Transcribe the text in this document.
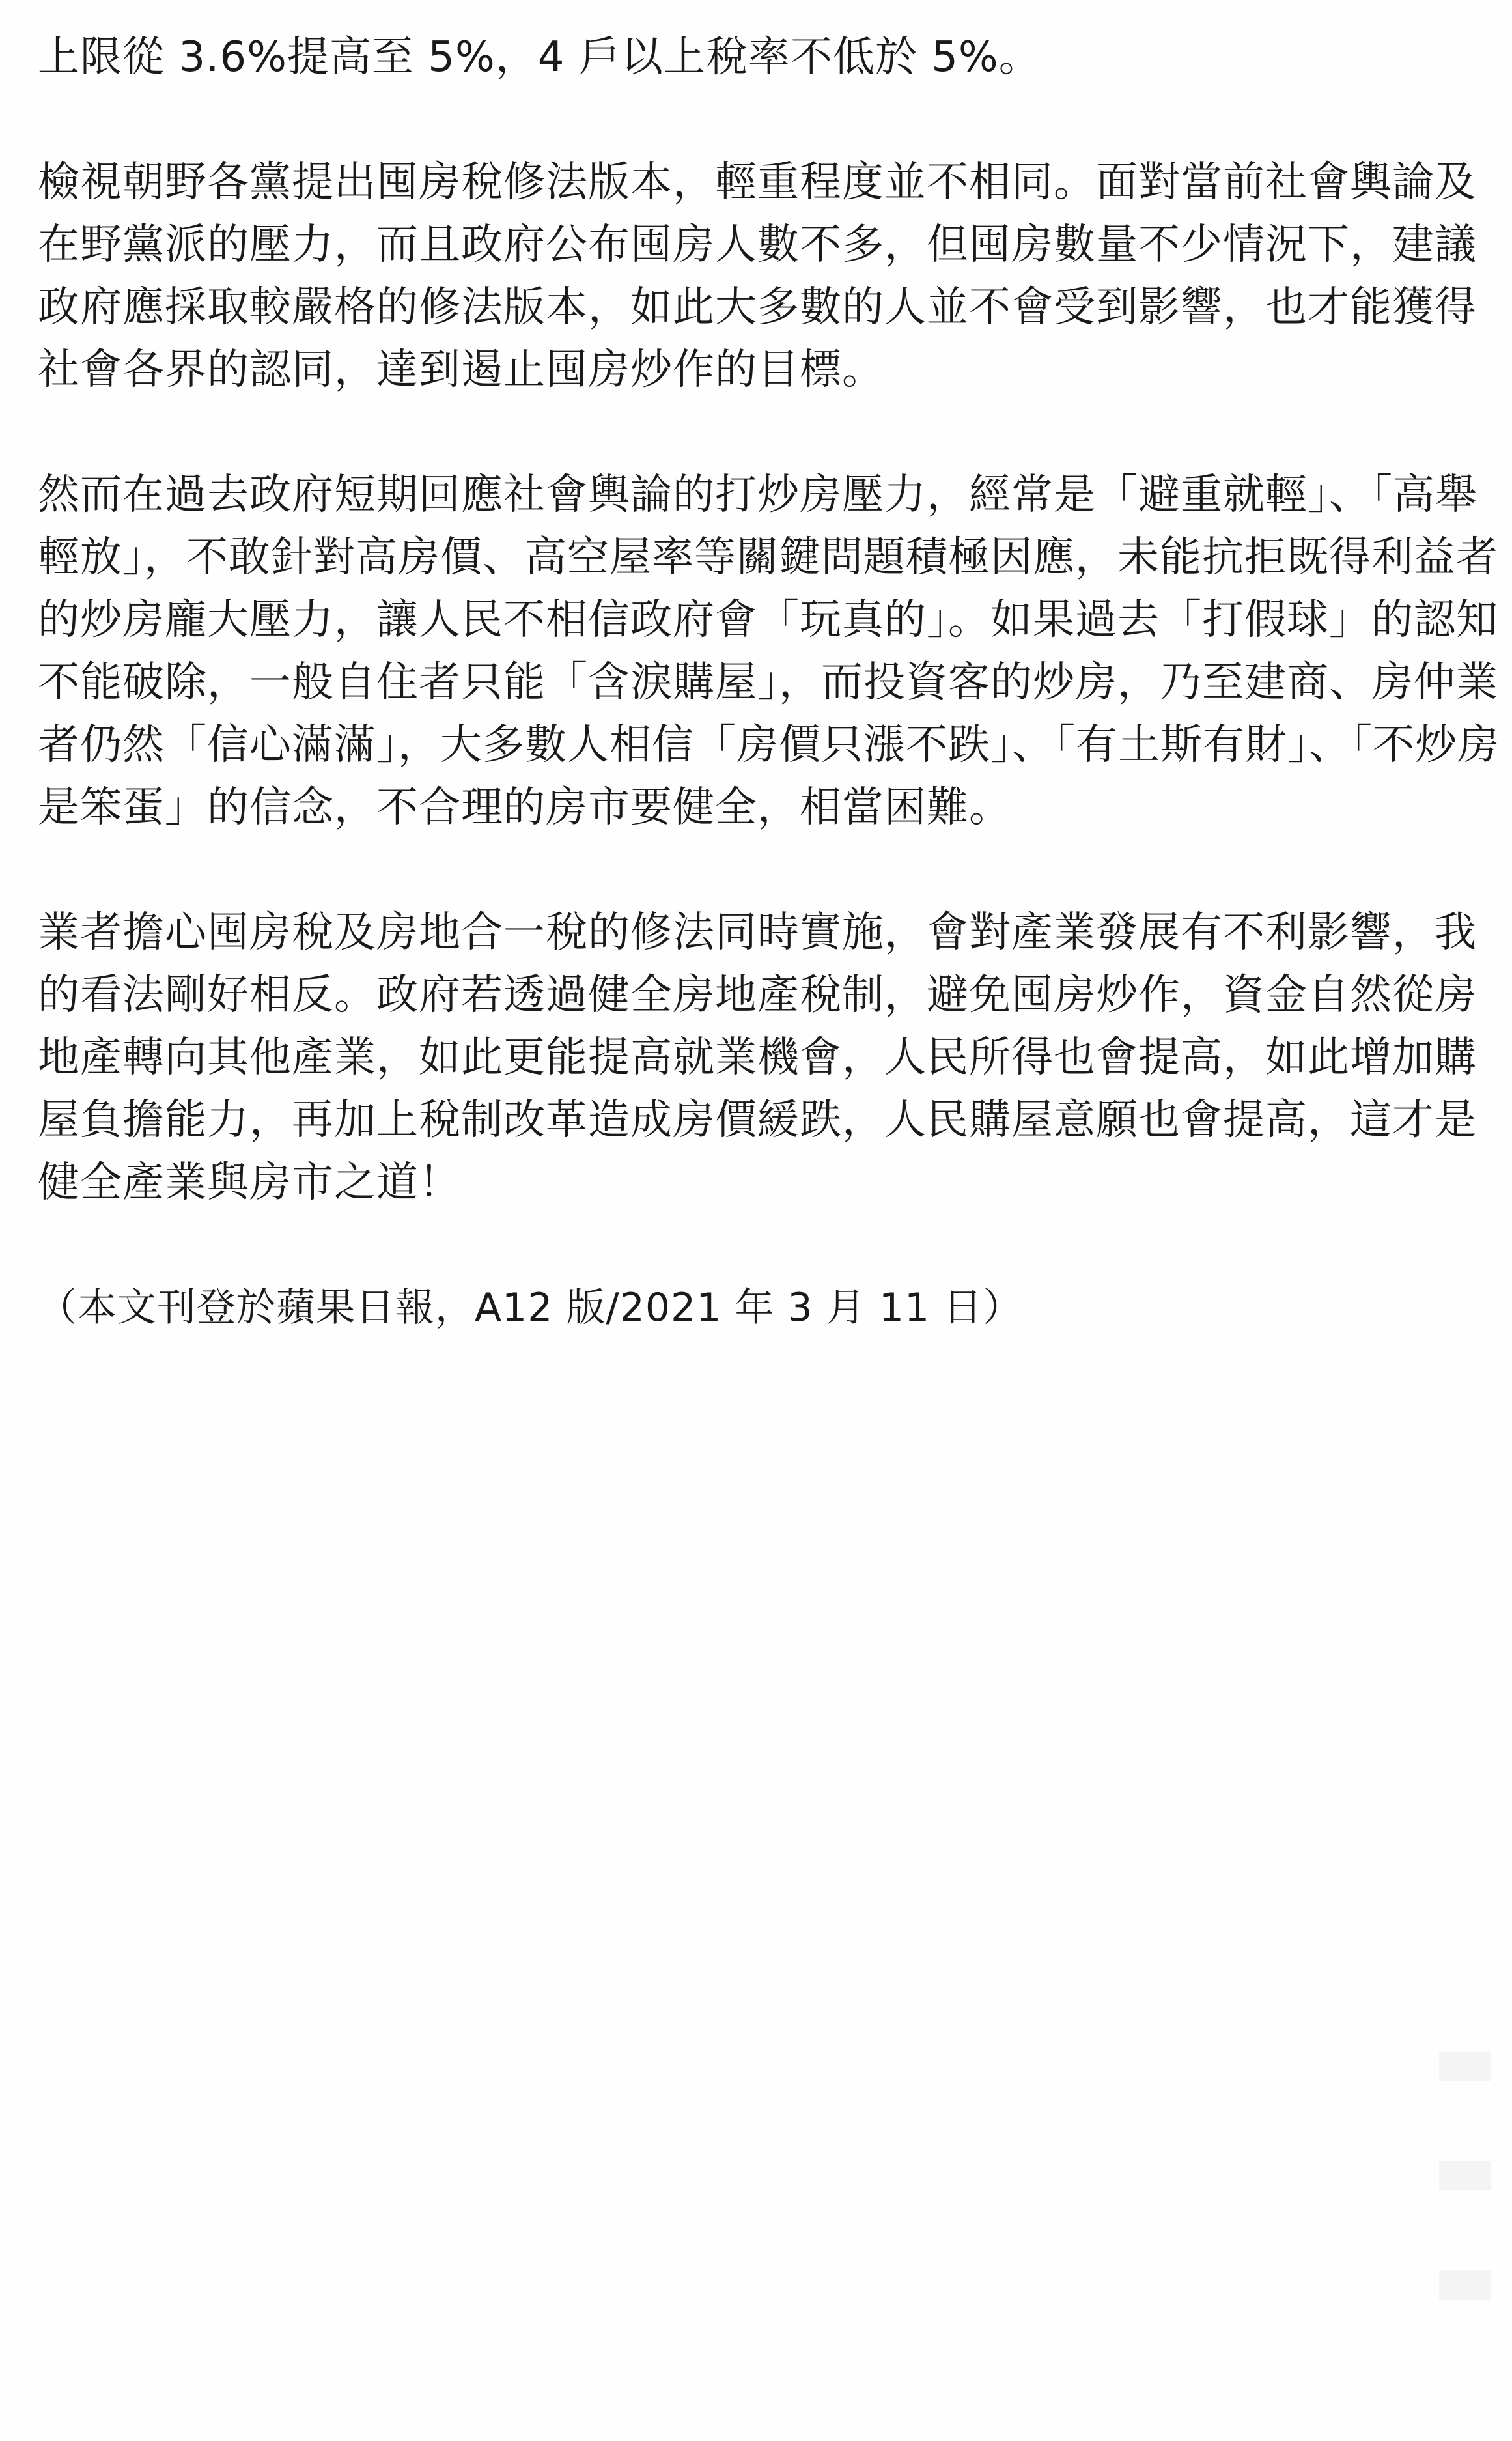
上限從 3.6%提高至 5%，4 戶以上稅率不低於 5%。

檢視朝野各黨提出囤房稅修法版本，輕重程度並不相同。面對當前社會輿論及
在野黨派的壓力，而且政府公布囤房人數不多，但囤房數量不少情況下，建議
政府應採取較嚴格的修法版本，如此大多數的人並不會受到影響，也才能獲得
社會各界的認同，達到遏止囤房炒作的目標。

然而在過去政府短期回應社會輿論的打炒房壓力，經常是「避重就輕」、「高舉
輕放」，不敢針對高房價、高空屋率等關鍵問題積極因應，未能抗拒既得利益者
的炒房龐大壓力，讓人民不相信政府會「玩真的」。如果過去「打假球」的認知
不能破除，一般自住者只能「含淚購屋」，而投資客的炒房，乃至建商、房仲業
者仍然「信心滿滿」，大多數人相信「房價只漲不跌」、「有土斯有財」、「不炒房
是笨蛋」的信念，不合理的房市要健全，相當困難。

業者擔心囤房稅及房地合一稅的修法同時實施，會對產業發展有不利影響，我
的看法剛好相反。政府若透過健全房地產稅制，避免囤房炒作，資金自然從房
地產轉向其他產業，如此更能提高就業機會，人民所得也會提高，如此增加購
屋負擔能力，再加上稅制改革造成房價緩跌，人民購屋意願也會提高，這才是
健全產業與房市之道！

（本文刊登於蘋果日報，A12 版/2021 年 3 月 11 日）
